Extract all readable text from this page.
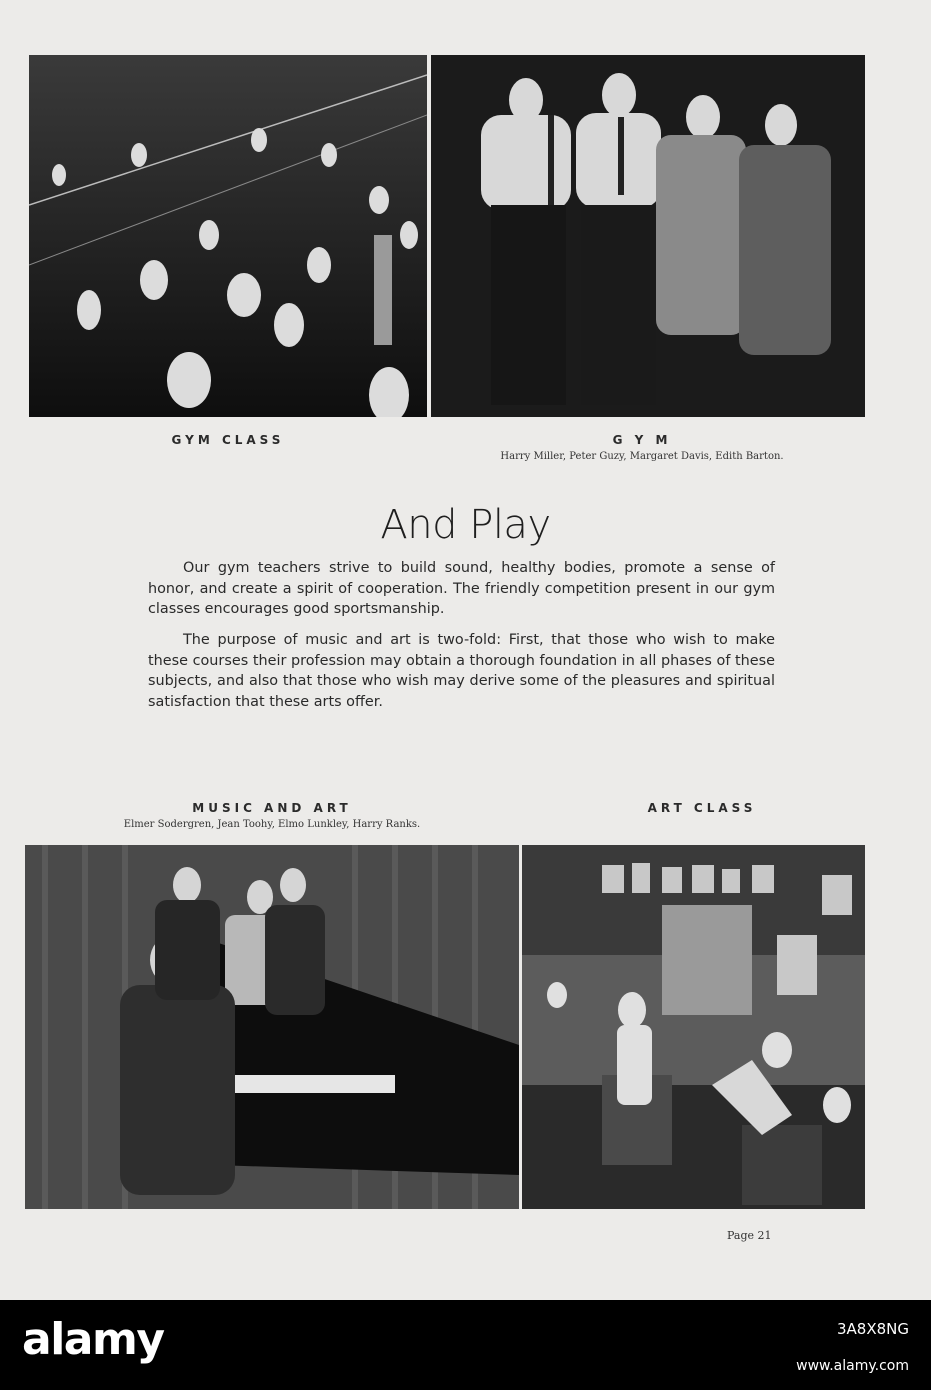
GYM CLASS	G Y M
Harry Miller, Peter Guzy, Margaret Davis, Edith Barton.
And Play

Our gym teachers strive to build sound, healthy bodies, promote a sense of honor, and create a spirit of cooperation. The friendly competition present in our gym classes encourages good sportsmanship.

The purpose of music and art is two-fold: First, that those who wish to make these courses their profession may obtain a thorough foundation in all phases of these subjects, and also that those who wish may derive some of the pleasures and spiritual satisfaction that these arts offer.

MUSIC AND ART
Elmer Sodergren, Jean Toohy, Elmo Lunkley, Harry Ranks.
ART CLASS
Page 21
alamy	3A8X8NG
www.alamy.com
